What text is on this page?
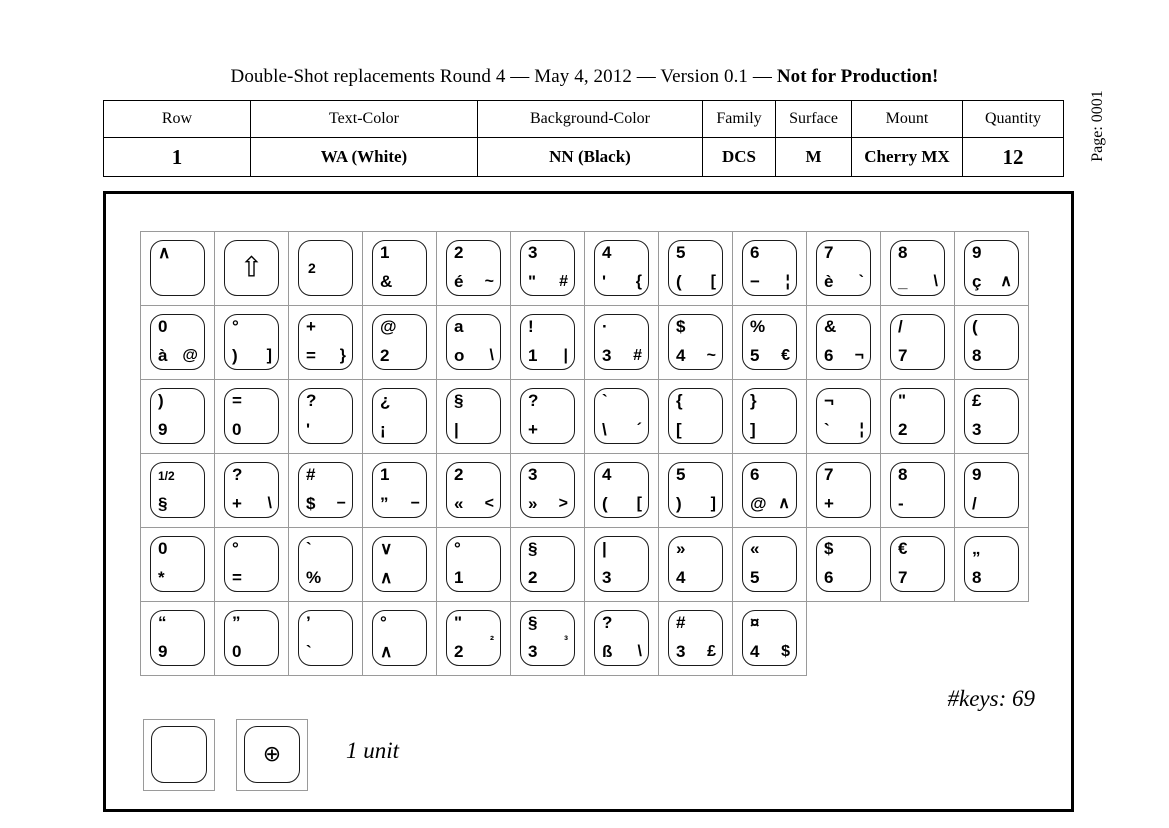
Double-Shot replacements Round 4 — May 4, 2012 — Version 0.1 — Not for Production!
Page: 0001
Row	Text-Color	Background-Color	Family	Surface	Mount	Quantity
1	WA (White)	NN (Black)	DCS	M	Cherry MX	12
∧ ⇧	2
1
&
2
é ~
3
" #
4
' {
5
( [
6
− ¦
7
è `
8
_ \
9
ç ∧
0
à @
°
) ]
+
= }
@
2
a
o \
!
1 |
·
3 #
$
4 ~
%
5 €
&
6 ¬
/
7
(
8
)
9
=
0
?
'
¿
¡
§
|
?
+
`
\ ´
{
[
}
]
¬
` ¦
"
2
£
3
1/2
§
?
+ \
#
$ −
1
” −
2
« <
3
» >
4
( [
5
) ]
6
@ ∧
7
+
8
-
9
/
0
*
°
=
`
%
∨
∧
°
1
§
2
|
3
»
4
«
5
$
6
€
7
„
8
“
9
”
0
’
`
°
∧
"
2
²
§
3
³
?
ß \
#
3 £
¤
4 $
#keys: 69
⊕	1 unit
